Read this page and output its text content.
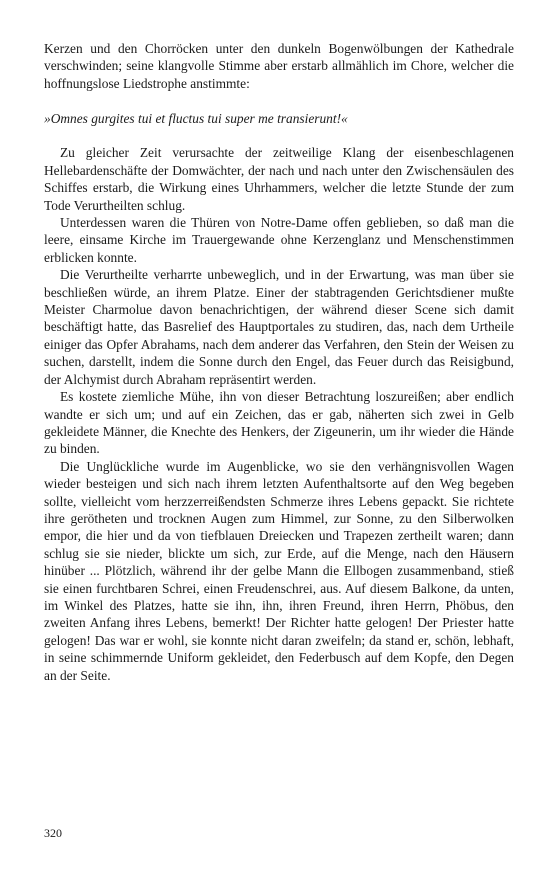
Kerzen und den Chorröcken unter den dunkeln Bogenwölbungen der Kathedrale verschwinden; seine klangvolle Stimme aber erstarb allmählich im Chore, welcher die hoffnungslose Liedstrophe anstimmte:

»Omnes gurgites tui et fluctus tui super me transierunt!«

Zu gleicher Zeit verursachte der zeitweilige Klang der eisenbeschlagenen Hellebardenschäfte der Domwächter, der nach und nach unter den Zwischensäulen des Schiffes erstarb, die Wirkung eines Uhrhammers, welcher die letzte Stunde der zum Tode Verurtheilten schlug.

Unterdessen waren die Thüren von Notre-Dame offen geblieben, so daß man die leere, einsame Kirche im Trauergewande ohne Kerzenglanz und Menschenstimmen erblicken konnte.

Die Verurtheilte verharrte unbeweglich, und in der Erwartung, was man über sie beschließen würde, an ihrem Platze. Einer der stabtragenden Gerichtsdiener mußte Meister Charmolue davon benachrichtigen, der während dieser Scene sich damit beschäftigt hatte, das Basrelief des Hauptportales zu studiren, das, nach dem Urtheile einiger das Opfer Abrahams, nach dem anderer das Verfahren, den Stein der Weisen zu suchen, darstellt, indem die Sonne durch den Engel, das Feuer durch das Reisigbund, der Alchymist durch Abraham repräsentirt werden.

Es kostete ziemliche Mühe, ihn von dieser Betrachtung loszureißen; aber endlich wandte er sich um; und auf ein Zeichen, das er gab, näherten sich zwei in Gelb gekleidete Männer, die Knechte des Henkers, der Zigeunerin, um ihr wieder die Hände zu binden.

Die Unglückliche wurde im Augenblicke, wo sie den verhängnisvollen Wagen wieder besteigen und sich nach ihrem letzten Aufenthaltsorte auf den Weg begeben sollte, vielleicht vom herzzerreißendsten Schmerze ihres Lebens gepackt. Sie richtete ihre gerötheten und trocknen Augen zum Himmel, zur Sonne, zu den Silberwolken empor, die hier und da von tiefblauen Dreiecken und Trapezen zertheilt waren; dann schlug sie sie nieder, blickte um sich, zur Erde, auf die Menge, nach den Häusern hinüber ... Plötzlich, während ihr der gelbe Mann die Ellbogen zusammenband, stieß sie einen furchtbaren Schrei, einen Freudenschrei, aus. Auf diesem Balkone, da unten, im Winkel des Platzes, hatte sie ihn, ihn, ihren Freund, ihren Herrn, Phöbus, den zweiten Anfang ihres Lebens, bemerkt! Der Richter hatte gelogen! Der Priester hatte gelogen! Das war er wohl, sie konnte nicht daran zweifeln; da stand er, schön, lebhaft, in seine schimmernde Uniform gekleidet, den Federbusch auf dem Kopfe, den Degen an der Seite.

320
